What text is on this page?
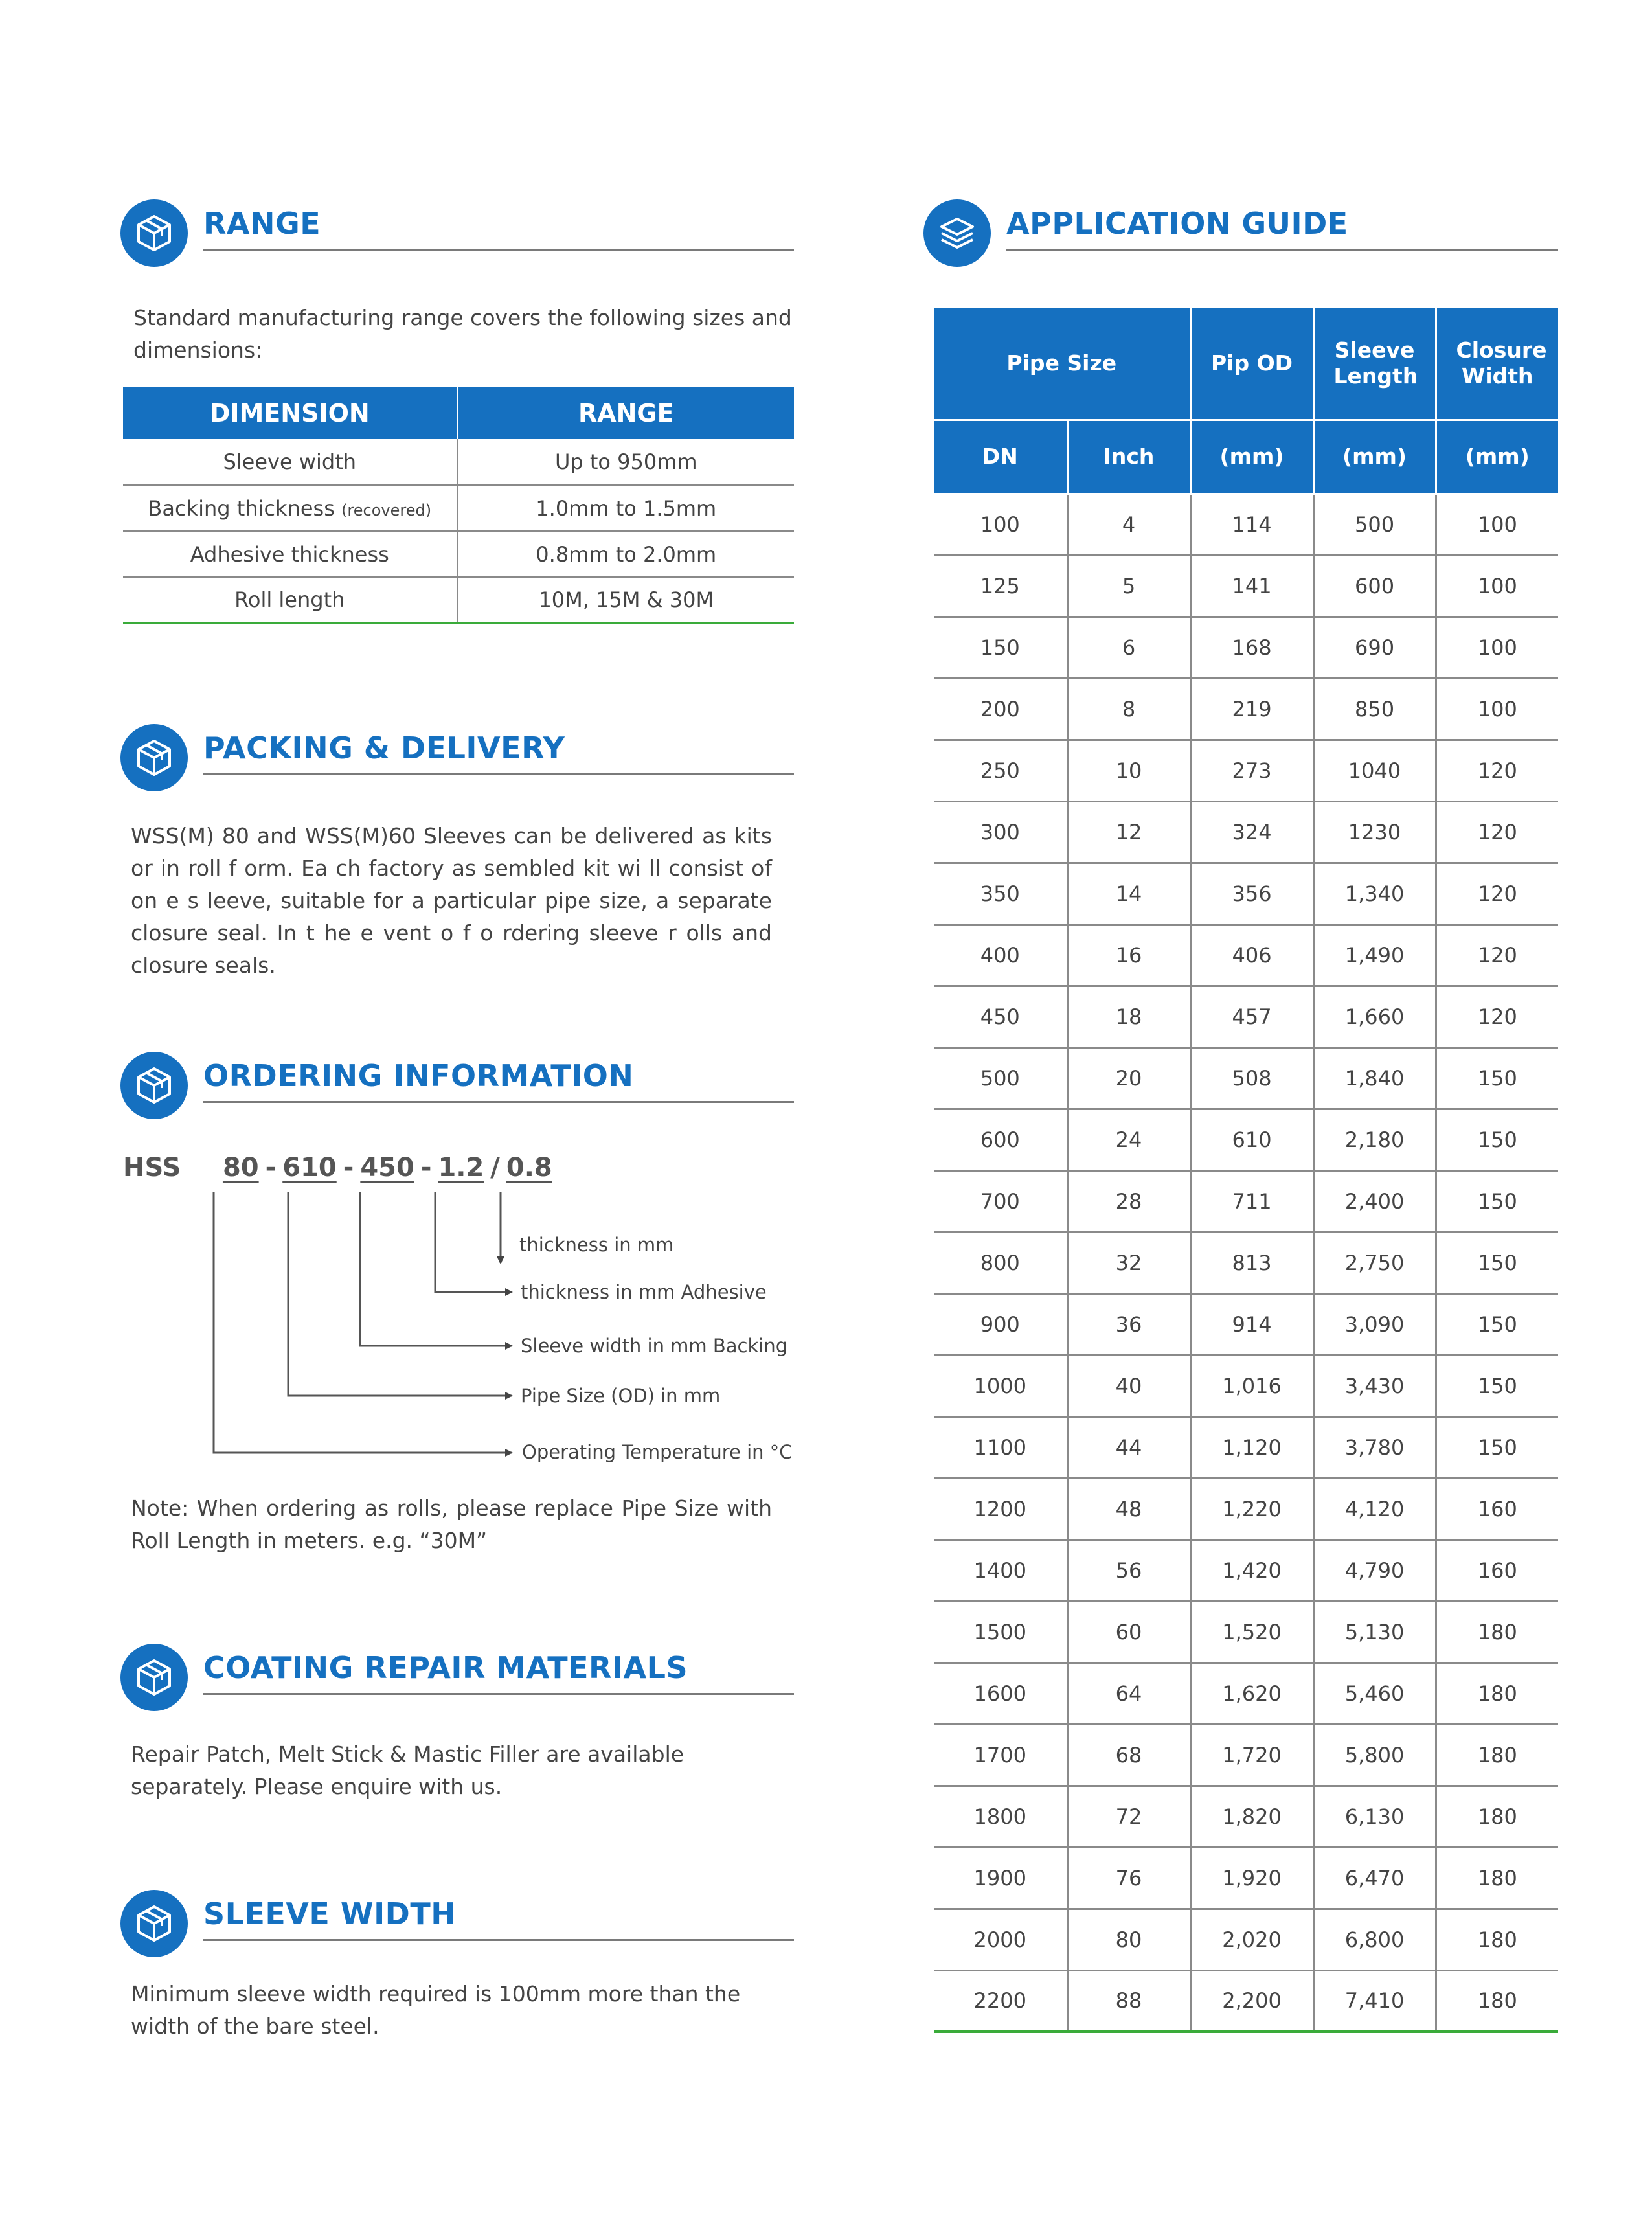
RANGE
Standard manufacturing range covers the following sizes and dimensions:
DIMENSION	RANGE
Sleeve width	Up to 950mm
Backing thickness (recovered)	1.0mm to 1.5mm
Adhesive thickness	0.8mm to 2.0mm
Roll length	10M, 15M & 30M
PACKING & DELIVERY
WSS(M) 80 and WSS(M)60 Sleeves can be delivered as kits or in roll f orm. Ea ch factory as sembled kit wi ll consist of on e s leeve, suitable for a particular pipe size, a separate closure seal. In t he e vent o f o rdering sleeve r olls and closure seals.
ORDERING INFORMATION
HSS 80 - 610 - 450 - 1.2 / 0.8
thickness in mm
thickness in mm Adhesive
Sleeve width in mm Backing
Pipe Size (OD) in mm
Operating Temperature in °C
Note: When ordering as rolls, please replace Pipe Size with Roll Length in meters. e.g. “30M”
COATING REPAIR MATERIALS
Repair Patch, Melt Stick & Mastic Filler are available separately. Please enquire with us.
SLEEVE WIDTH
Minimum sleeve width required is 100mm more than the width of the bare steel.
APPLICATION GUIDE
Pipe Size		Pip OD	Sleeve Length	Closure Width
DN	Inch	(mm)	(mm)	(mm)
100	4	114	500	100
125	5	141	600	100
150	6	168	690	100
200	8	219	850	100
250	10	273	1040	120
300	12	324	1230	120
350	14	356	1,340	120
400	16	406	1,490	120
450	18	457	1,660	120
500	20	508	1,840	150
600	24	610	2,180	150
700	28	711	2,400	150
800	32	813	2,750	150
900	36	914	3,090	150
1000	40	1,016	3,430	150
1100	44	1,120	3,780	150
1200	48	1,220	4,120	160
1400	56	1,420	4,790	160
1500	60	1,520	5,130	180
1600	64	1,620	5,460	180
1700	68	1,720	5,800	180
1800	72	1,820	6,130	180
1900	76	1,920	6,470	180
2000	80	2,020	6,800	180
2200	88	2,200	7,410	180
